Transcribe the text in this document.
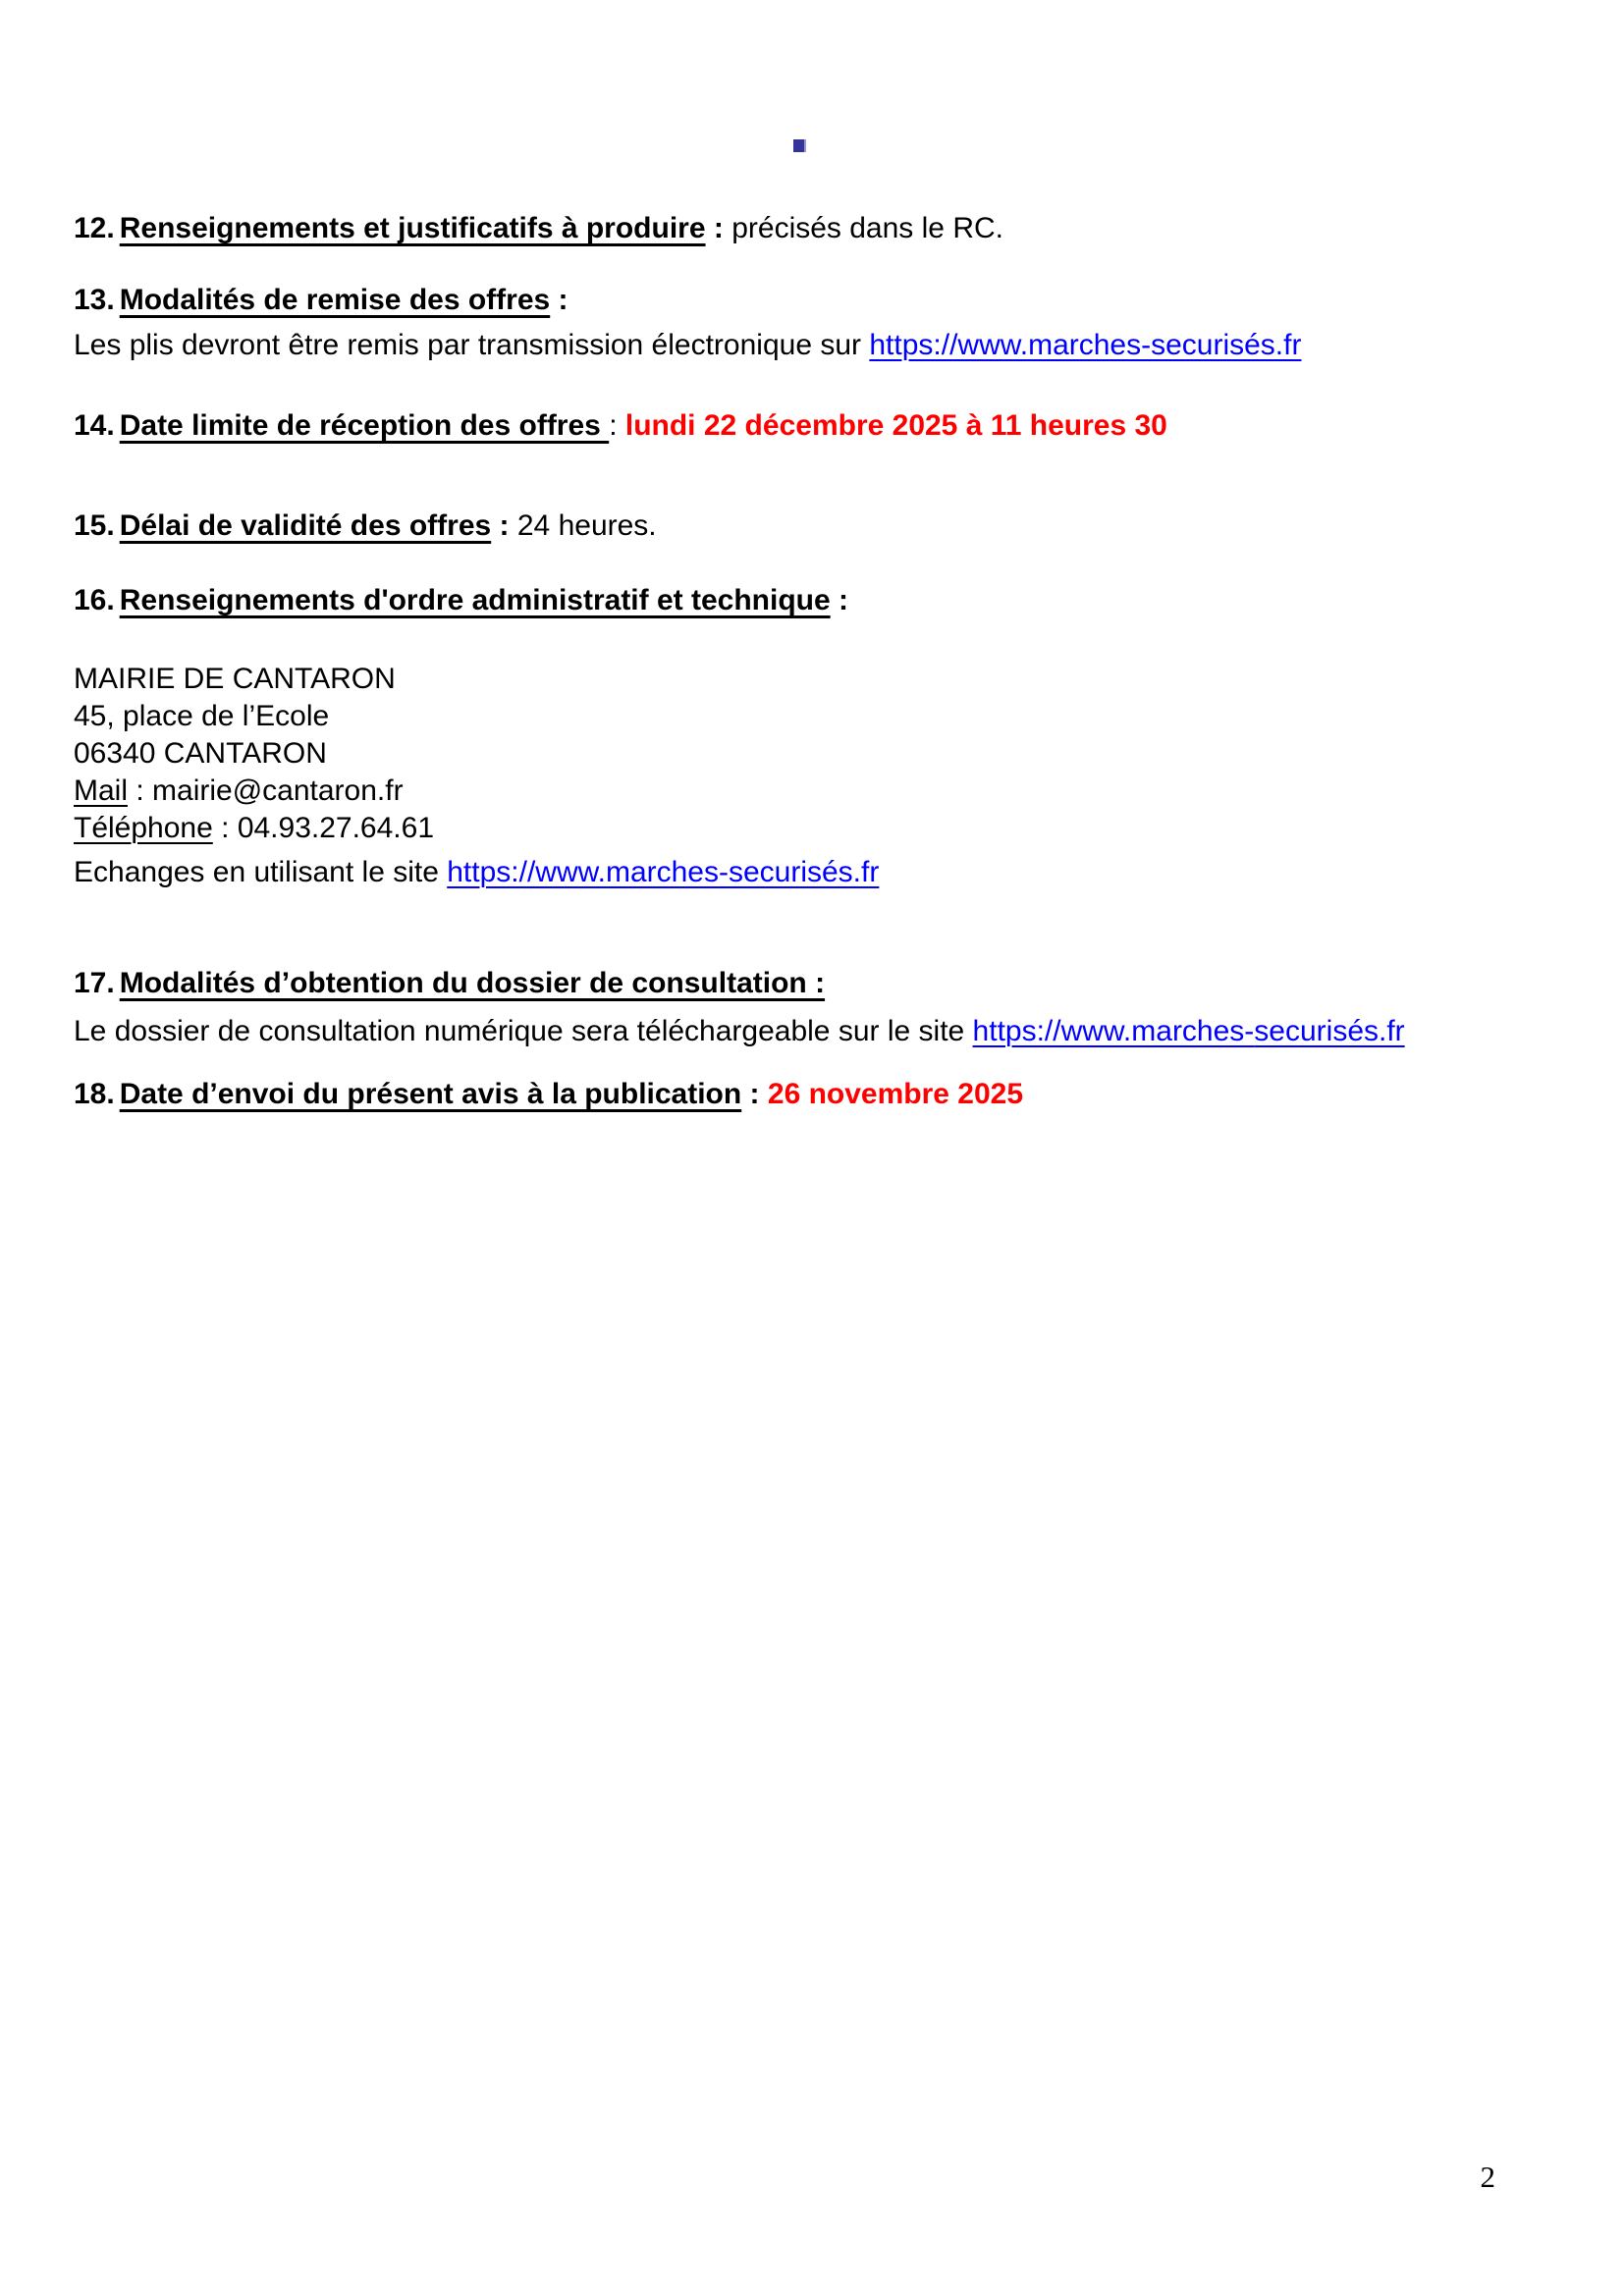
12. Renseignements et justificatifs à produire : précisés dans le RC.
13. Modalités de remise des offres :
Les plis devront être remis par transmission électronique sur https://www.marches-securisés.fr
14. Date limite de réception des offres : lundi 22 décembre 2025 à 11 heures 30
15. Délai de validité des offres : 24 heures.
16. Renseignements d'ordre administratif et technique :
MAIRIE DE CANTARON
45, place de l’Ecole
06340 CANTARON
Mail : mairie@cantaron.fr
Téléphone : 04.93.27.64.61
Echanges en utilisant le site https://www.marches-securisés.fr
17. Modalités d’obtention du dossier de consultation :
Le dossier de consultation numérique sera téléchargeable sur le site https://www.marches-securisés.fr
18. Date d’envoi du présent avis à la publication : 26 novembre 2025
2
